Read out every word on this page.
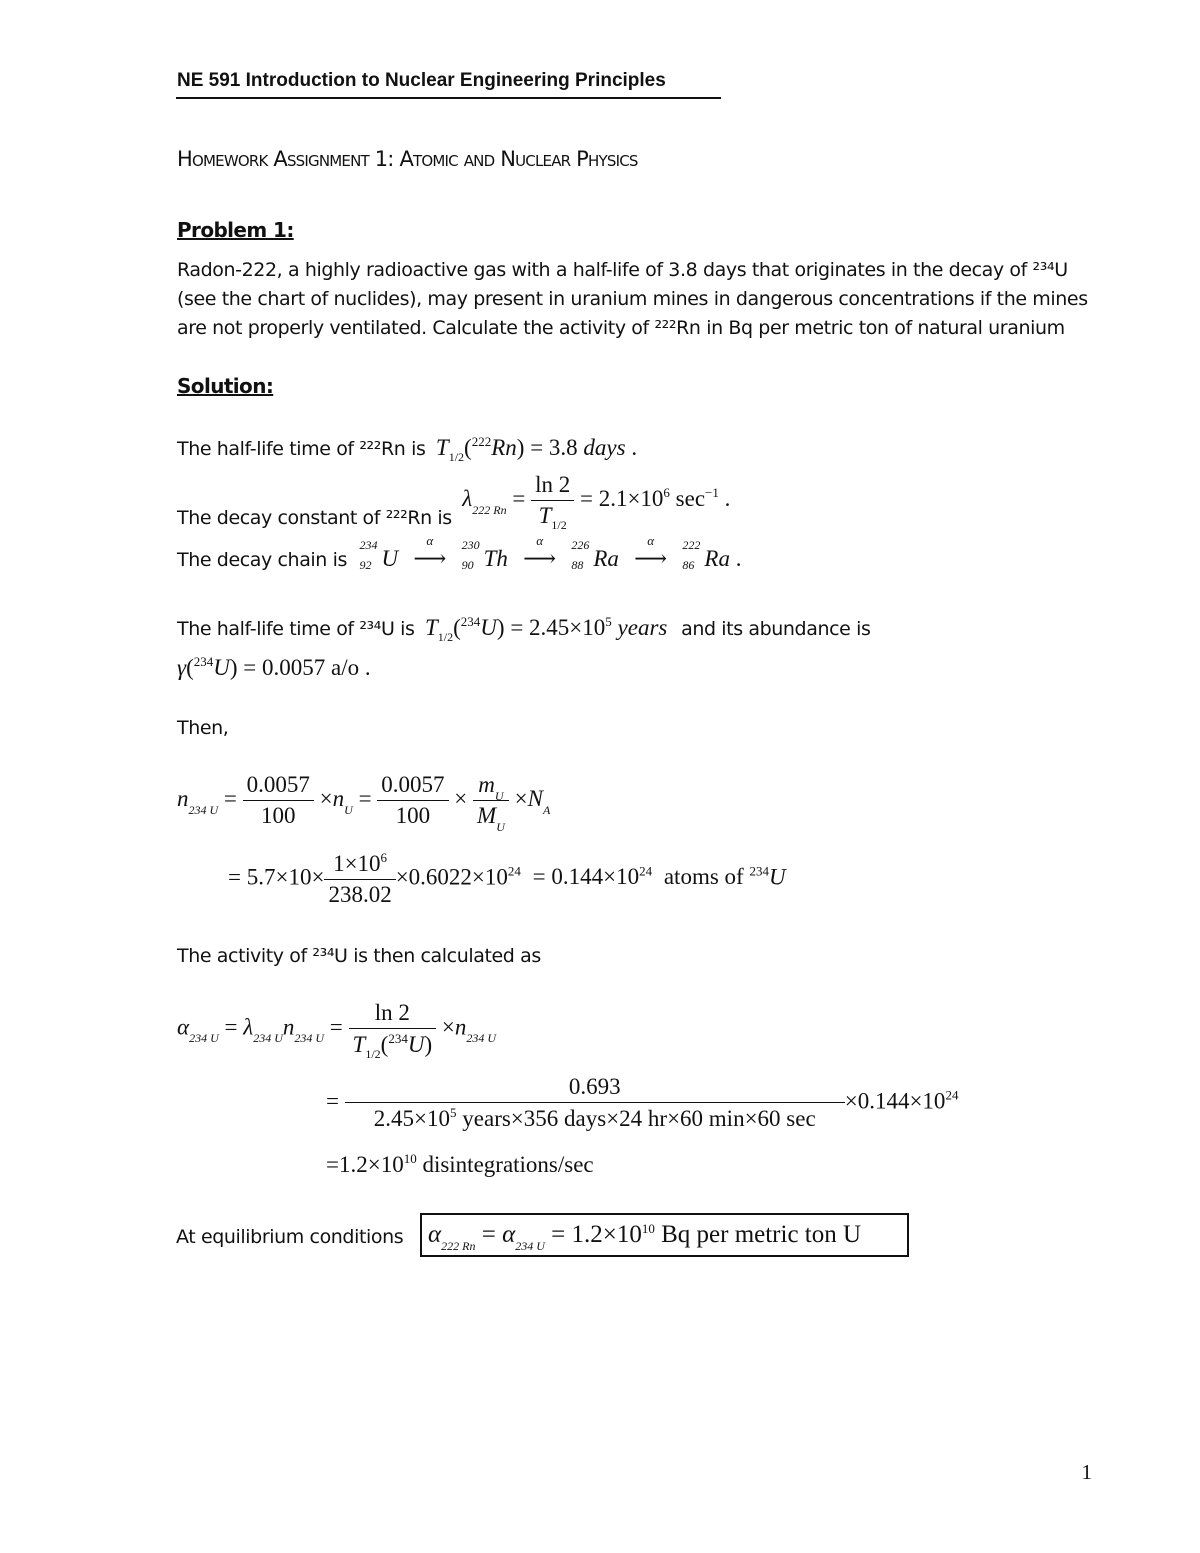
NE 591 Introduction to Nuclear Engineering Principles
Homework Assignment 1: Atomic and Nuclear Physics
Problem 1:
Radon-222, a highly radioactive gas with a half-life of 3.8 days that originates in the decay of ²³⁴U
(see the chart of nuclides), may present in uranium mines in dangerous concentrations if the mines
are not properly ventilated. Calculate the activity of ²²²Rn in Bq per metric ton of natural uranium
Solution:
The half-life time of ²²²Rn is $T_{1/2}(^{222}Rn) = 3.8$ days .
The decay constant of ²²²Rn is $\lambda_{222 Rn} = \frac{\ln 2}{T_{1/2}} = 2.1\times 10^6$ $\sec^{-1}$ .
The decay chain is
234
92 U
α
⟶
230
90 Th
α
⟶
226
88 Ra
α
⟶
222
86 Ra .
The half-life time of ²³⁴U is $T_{1/2}(^{234}U) = 2.45\times 10^5$ years and its abundance is
γ($^{234}$U) = 0.0057 a/o .
Then,
$n_{234 U} = \frac{0.0057}{100} \times n_U = \frac{0.0057}{100} \times \frac{m_U}{M_U} \times N_A$
= $5.7\times 10\times \frac{1\times 10^6}{238.02} \times 0.6022\times 10^{24} = 0.144\times 10^{24}$ atoms of $^{234}$U
The activity of ²³⁴U is then calculated as
$\alpha_{234 U} = \lambda_{234 U}n_{234 U} = \frac{\ln 2}{T_{1/2}(^{234}U)} \times n_{234 U}$
= $\frac{0.693}{2.45\times 10^5 years\times 356 days\times 24 hr\times 60 \min\times 60 \sec} \times 0.144\times 10^{24}$
$=1.2\times 10^{10}$ disintegrations/sec
At equilibrium conditions $\alpha_{222 Rn} = \alpha_{234 U} = 1.2\times 10^{10}$ Bq per metric ton U
1
